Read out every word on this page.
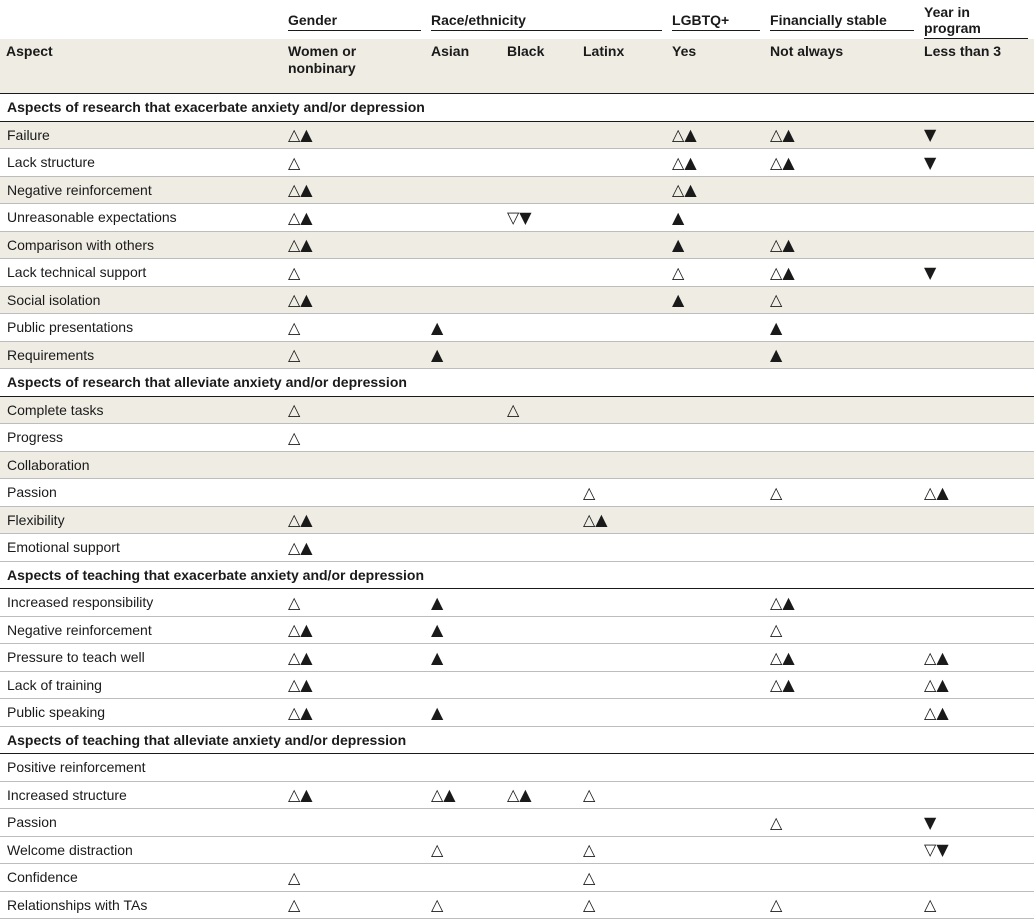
	Gender	Race/ethnicity			LGBTQ+	Financially stable	Year in program

Aspect	Women or nonbinary	Asian	Black	Latinx	Yes	Not always	Less than 3
Aspects of research that exacerbate anxiety and/or depression							
Failure	△▲				△▲	△▲	▼
Lack structure	△				△▲	△▲	▼
Negative reinforcement	△▲				△▲		
Unreasonable expectations	△▲		▽▼		▲		
Comparison with others	△▲				▲	△▲	
Lack technical support	△				△	△▲	▼
Social isolation	△▲				▲	△	
Public presentations	△	▲				▲	
Requirements	△	▲				▲	
Aspects of research that alleviate anxiety and/or depression							
Complete tasks	△		△				
Progress	△						
Collaboration							
Passion				△		△	△▲
Flexibility	△▲			△▲			
Emotional support	△▲						
Aspects of teaching that exacerbate anxiety and/or depression							
Increased responsibility	△	▲				△▲	
Negative reinforcement	△▲	▲				△	
Pressure to teach well	△▲	▲				△▲	△▲
Lack of training	△▲					△▲	△▲
Public speaking	△▲	▲					△▲
Aspects of teaching that alleviate anxiety and/or depression							
Positive reinforcement							
Increased structure	△▲	△▲	△▲	△			
Passion						△	▼
Welcome distraction		△		△			▽▼
Confidence	△			△			
Relationships with TAs	△	△		△		△	△
